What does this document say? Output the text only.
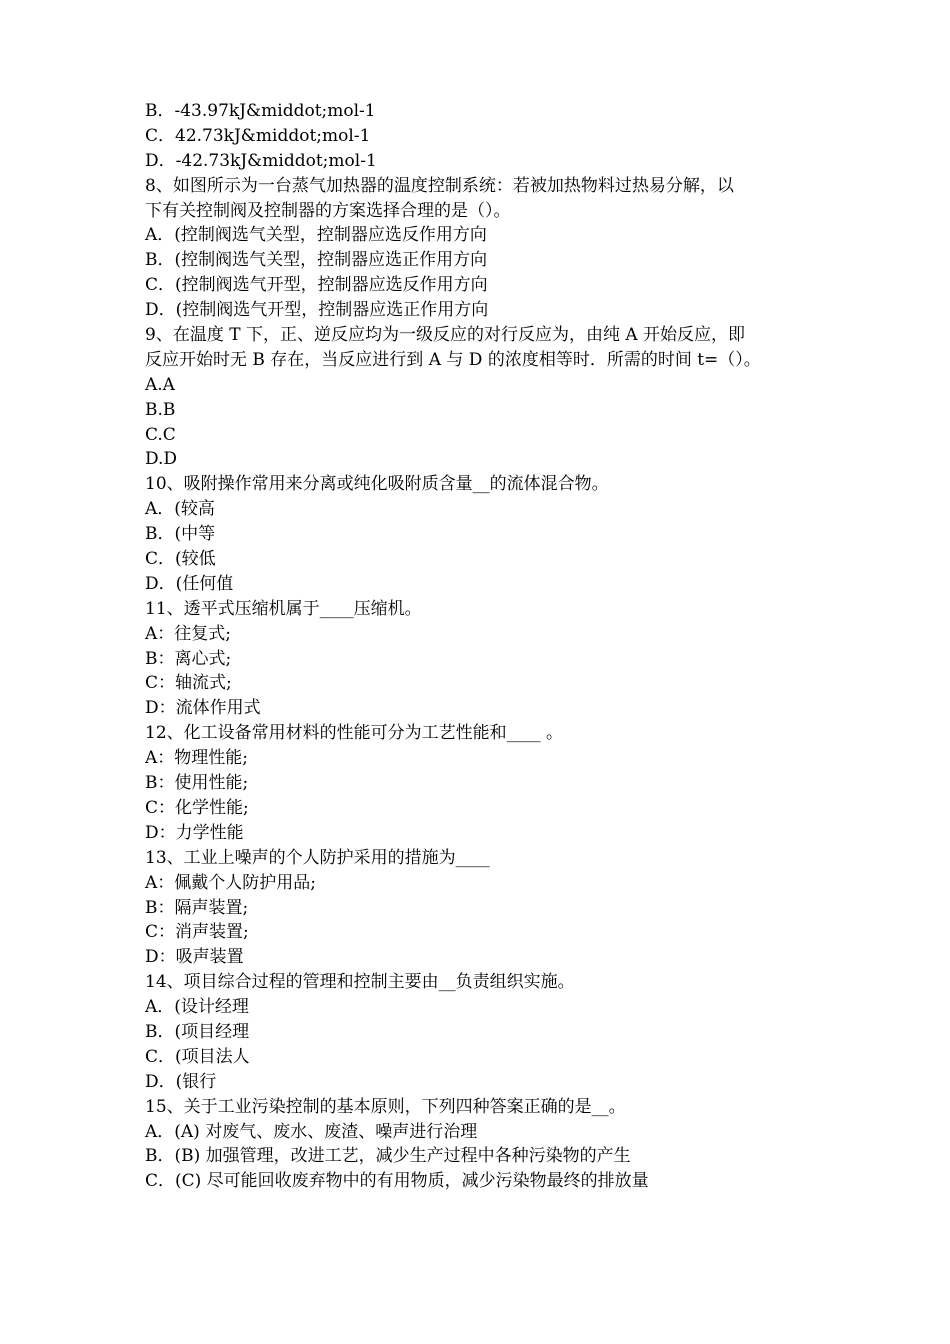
B．-43.97kJ&middot;mol-1
C．42.73kJ&middot;mol-1
D．-42.73kJ&middot;mol-1
8、如图所示为一台蒸气加热器的温度控制系统：若被加热物料过热易分解，以
下有关控制阀及控制器的方案选择合理的是（）。
A．(控制阀选气关型，控制器应选反作用方向
B．(控制阀选气关型，控制器应选正作用方向
C．(控制阀选气开型，控制器应选反作用方向
D．(控制阀选气开型，控制器应选正作用方向
9、在温度 T 下，正、逆反应均为一级反应的对行反应为，由纯 A 开始反应，即
反应开始时无 B 存在，当反应进行到 A 与 D 的浓度相等时．所需的时间 t=（）。
A.A
B.B
C.C
D.D
10、吸附操作常用来分离或纯化吸附质含量__的流体混合物。
A．(较高
B．(中等
C．(较低
D．(任何值
11、透平式压缩机属于____压缩机。
A：往复式;
B：离心式;
C：轴流式;
D：流体作用式
12、化工设备常用材料的性能可分为工艺性能和____ 。
A：物理性能;
B：使用性能;
C：化学性能;
D：力学性能
13、工业上噪声的个人防护采用的措施为____
A：佩戴个人防护用品;
B：隔声装置;
C：消声装置;
D：吸声装置
14、项目综合过程的管理和控制主要由__负责组织实施。
A．(设计经理
B．(项目经理
C．(项目法人
D．(银行
15、关于工业污染控制的基本原则，下列四种答案正确的是__。
A．(A) 对废气、废水、废渣、噪声进行治理
B．(B) 加强管理，改进工艺，减少生产过程中各种污染物的产生
C．(C) 尽可能回收废弃物中的有用物质，减少污染物最终的排放量
